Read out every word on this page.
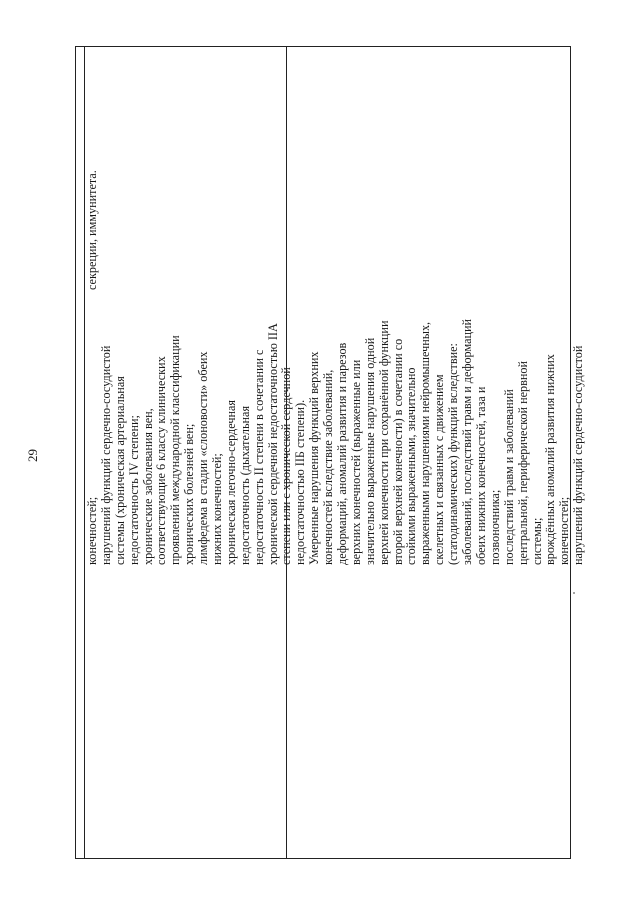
29
конечностей; нарушений функций сердечно-сосудистой системы (хроническая артериальная недостаточность IV степени; хронические заболевания вен, соответствующие 6 классу клинических проявлений международной классификации хронических болезней вен; лимфедема в стадии «слоновости» обеих нижних конечностей; хроническая легочно-сердечная недостаточность (дыхательная недостаточность II степени в сочетании с хронической сердечной недостаточностью IIА степени или с хронической сердечной недостаточностью IIБ степени). Умеренные нарушения функций верхних конечностей вследствие заболеваний, деформаций, аномалий развития и парезов верхних конечностей (выраженные или значительно выраженные нарушения одной верхней конечности при сохранённой функции второй верхней конечности) в сочетании со стойкими выраженными, значительно выраженными нарушениями нейромышечных, скелетных и связанных с движением (статодинамических) функций вследствие: заболеваний, последствий травм и деформаций обеих нижних конечностей, таза и позвоночника; последствий травм и заболеваний центральной, периферической нервной системы; врождённых аномалий развития нижних конечностей; нарушений функций сердечно-сосудистой
секреции, иммунитета.
